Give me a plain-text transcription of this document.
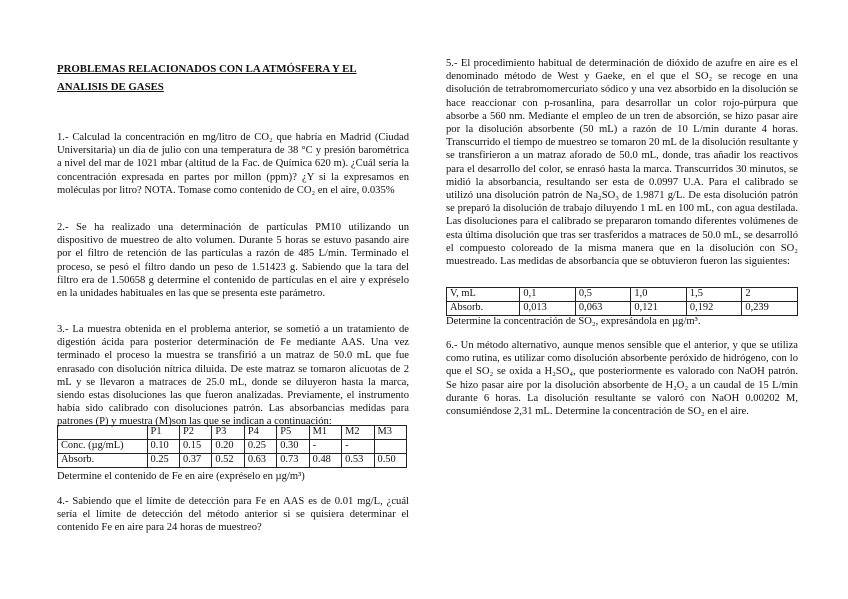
PROBLEMAS RELACIONADOS CON LA ATMÓSFERA Y EL
ANALISIS DE GASES
1.- Calculad la concentración en mg/litro de CO₂ que habría en Madrid (Ciudad Universitaria) un día de julio con una temperatura de 38 °C y presión barométrica a nivel del mar de 1021 mbar (altitud de la Fac. de Química 620 m). ¿Cuál sería la concentración expresada en partes por millon (ppm)? ¿Y si la expresamos en moléculas por litro? NOTA. Tomase como contenido de CO₂ en el aire, 0.035%
2.- Se ha realizado una determinación de partículas PM10 utilizando un dispositivo de muestreo de alto volumen. Durante 5 horas se estuvo pasando aire por el filtro de retención de las partículas a razón de 485 L/min. Terminado el proceso, se pesó el filtro dando un peso de 1.51423 g. Sabiendo que la tara del filtro era de 1.50658 g determine el contenido de partículas en el aire y expréselo en la unidades habituales en las que se presenta este parámetro.
3.- La muestra obtenida en el problema anterior, se sometió a un tratamiento de digestión ácida para posterior determinación de Fe mediante AAS. Una vez terminado el proceso la muestra se transfirió a un matraz de 50.0 mL que fue enrasado con disolución nítrica diluida. De este matraz se tomaron alícuotas de 2 mL y se llevaron a matraces de 25.0 mL, donde se diluyeron hasta la marca, siendo estas disoluciones las que fueron analizadas. Previamente, el instrumento había sido calibrado con disoluciones patrón. Las absorbancias medidas para patrones (P) y muestra (M)son las que se indican a continuación:
	P1	P2	P3	P4	P5	M1	M2	M3
Conc. (µg/mL)	0.10	0.15	0.20	0.25	0.30	-	-	
Absorb.	0.25	0.37	0.52	0.63	0.73	0.48	0.53	0.50
Determine el contenido de Fe en aire (expréselo en µg/m³)
4.- Sabiendo que el límite de detección para Fe en AAS es de 0.01 mg/L, ¿cuál sería el límite de detección del método anterior si se quisiera determinar el contenido Fe en aire para 24 horas de muestreo?
5.- El procedimiento habitual de determinación de dióxido de azufre en aire es el denominado método de West y Gaeke, en el que el SO₂ se recoge en una disolución de tetrabromomercuriato sódico y una vez absorbido en la disolución se hace reaccionar con p-rosanlina, para desarrollar un color rojo-púrpura que absorbe a 560 nm. Mediante el empleo de un tren de absorción, se hizo pasar aire por la disolución absorbente (50 mL) a razón de 10 L/min durante 4 horas. Transcurrido el tiempo de muestreo se tomaron 20 mL de la disolución resultante y se transfirieron a un matraz aforado de 50.0 mL, donde, tras añadir los reactivos para el desarrollo del color, se enrasó hasta la marca. Transcurridos 30 minutos, se midió la absorbancia, resultando ser esta de 0.0997 U.A. Para el calibrado se utilizó una disolución patrón de Na₂SO₃ de 1.9871 g/L. De esta disolución patrón se preparó la disolución de trabajo diluyendo 1 mL en 100 mL, con agua destilada. Las disoluciones para el calibrado se prepararon tomando diferentes volúmenes de esta última disolución que tras ser trasferidos a matraces de 50.0 mL, se desarrolló el compuesto coloreado de la misma manera que en la disolución con SO₂ muestreado. Las medidas de absorbancia que se obtuvieron fueron las siguientes:
V, mL	0,1	0,5	1,0	1,5	2
Absorb.	0,013	0,063	0,121	0,192	0,239
Determine la concentración de SO₂, expresándola en µg/m³.
6.- Un método alternativo, aunque menos sensible que el anterior, y que se utiliza como rutina, es utilizar como disolución absorbente peróxido de hidrógeno, con lo que el SO₂ se oxida a H₂SO₄, que posteriormente es valorado con NaOH patrón. Se hizo pasar aire por la disolución absorbente de H₂O₂ a un caudal de 15 L/min durante 6 horas. La disolución resultante se valoró con NaOH 0.00202 M, consumiéndose 2,31 mL. Determine la concentración de SO₂ en el aire.
